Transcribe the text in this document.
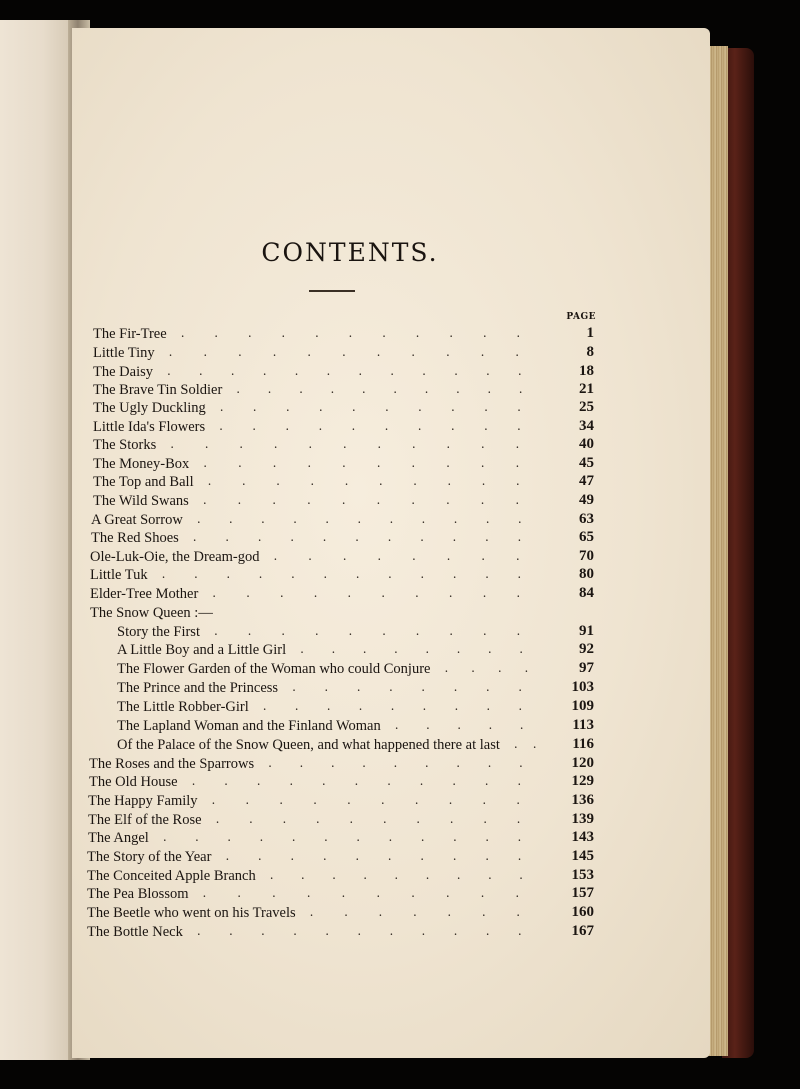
CONTENTS.
PAGE
The Fir-Tree ...........	1
Little Tiny ...........	8
The Daisy ............	18
The Brave Tin Soldier ..........	21
The Ugly Duckling ..........	25
Little Ida's Flowers ..........	34
The Storks ...........	40
The Money-Box ..........	45
The Top and Ball ..........	47
The Wild Swans ..........	49
A Great Sorrow ...........	63
The Red Shoes ...........	65
Ole-Luk-Oie, the Dream-god ........	70
Little Tuk ............	80
Elder-Tree Mother ..........	84
The Snow Queen :—
Story the First ..........	91
A Little Boy and a Little Girl ........	92
The Flower Garden of the Woman who could Conjure ....	97
The Prince and the Princess ........	103
The Little Robber-Girl .........	109
The Lapland Woman and the Finland Woman .....	113
Of the Palace of the Snow Queen, and what happened there at last ..	116
The Roses and the Sparrows .........	120
The Old House ...........	129
The Happy Family ..........	136
The Elf of the Rose ..........	139
The Angel ............	143
The Story of the Year ..........	145
The Conceited Apple Branch .........	153
The Pea Blossom ..........	157
The Beetle who went on his Travels .......	160
The Bottle Neck ...........	167
